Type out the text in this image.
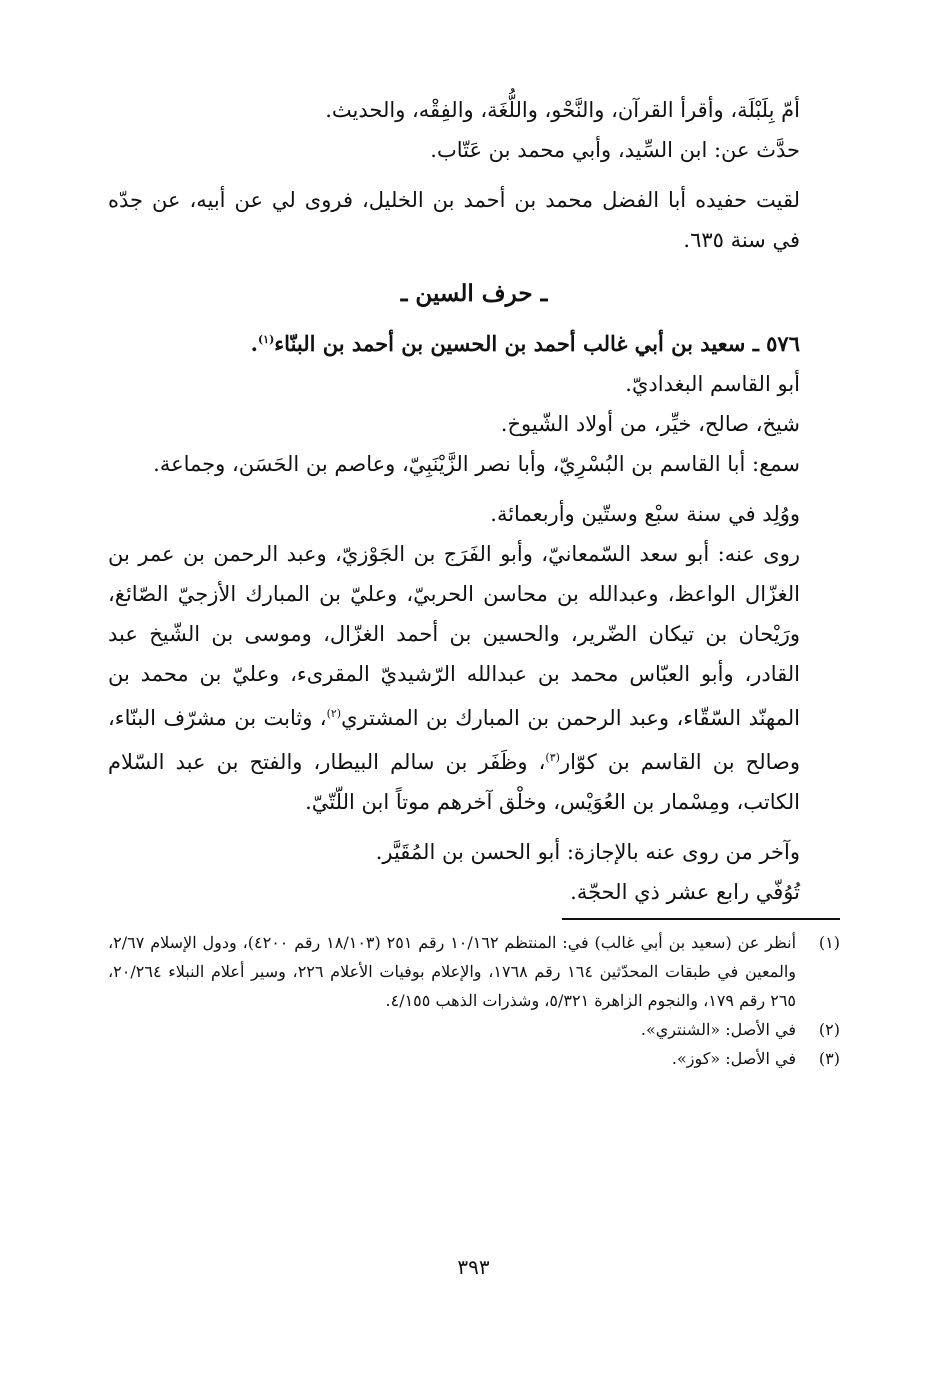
أمّ بِلَبْلَة، وأقرأ القرآن، والنَّحْو، واللُّغَة، والفِقْه، والحديث.

حدَّث عن: ابن السِّيد، وأبي محمد بن عَتّاب.

لقيت حفيده أبا الفضل محمد بن أحمد بن الخليل، فروى لي عن أبيه، عن جدّه في سنة ٦٣٥.

ـ حرف السين ـ
٥٧٦ ـ سعيد بن أبي غالب أحمد بن الحسين بن أحمد بن البنّاء$^{(١)}$.

أبو القاسم البغداديّ.

شيخ، صالح، خيِّر، من أولاد الشّيوخ.

سمع: أبا القاسم بن البُسْرِيّ، وأبا نصر الزَّيْنَبِيّ، وعاصم بن الحَسَن، وجماعة.

ووُلِد في سنة سبْع وستّين وأربعمائة.

روى عنه: أبو سعد السّمعانيّ، وأبو الفَرَج بن الجَوْزيّ، وعبد الرحمن بن عمر بن الغزّال الواعظ، وعبدالله بن محاسن الحربيّ، وعليّ بن المبارك الأزجيّ الصّائغ، ورَيْحان بن تيكان الضّرير، والحسين بن أحمد الغزّال، وموسى بن الشّيخ عبد القادر، وأبو العبّاس محمد بن عبدالله الرّشيديّ المقرىء، وعليّ بن محمد بن المهنّد السّقّاء، وعبد الرحمن بن المبارك بن المشتري$^{(٢)}$، وثابت بن مشرّف البنّاء، وصالح بن القاسم بن كوّار$^{(٣)}$، وظَفَر بن سالم البيطار، والفتح بن عبد السّلام الكاتب، ومِسْمار بن العُوَيْس، وخلْق آخرهم موتاً ابن اللّتّيّ.

وآخر من روى عنه بالإجازة: أبو الحسن بن المُقَيَّر.

تُوُفّي رابع عشر ذي الحجّة.

(١)
أنظر عن (سعيد بن أبي غالب) في: المنتظم ١٠/١٦٢ رقم ٢٥١ (١٨/١٠٣ رقم ٤٢٠٠)، ودول الإسلام ٢/٦٧، والمعين في طبقات المحدّثين ١٦٤ رقم ١٧٦٨، والإعلام بوفيات الأعلام ٢٢٦، وسير أعلام النبلاء ٢٠/٢٦٤، ٢٦٥ رقم ١٧٩، والنجوم الزاهرة ٥/٣٢١، وشذرات الذهب ٤/١٥٥.
(٢)
في الأصل: «الشنتري».
(٣)
في الأصل: «كوز».
٣٩٣
